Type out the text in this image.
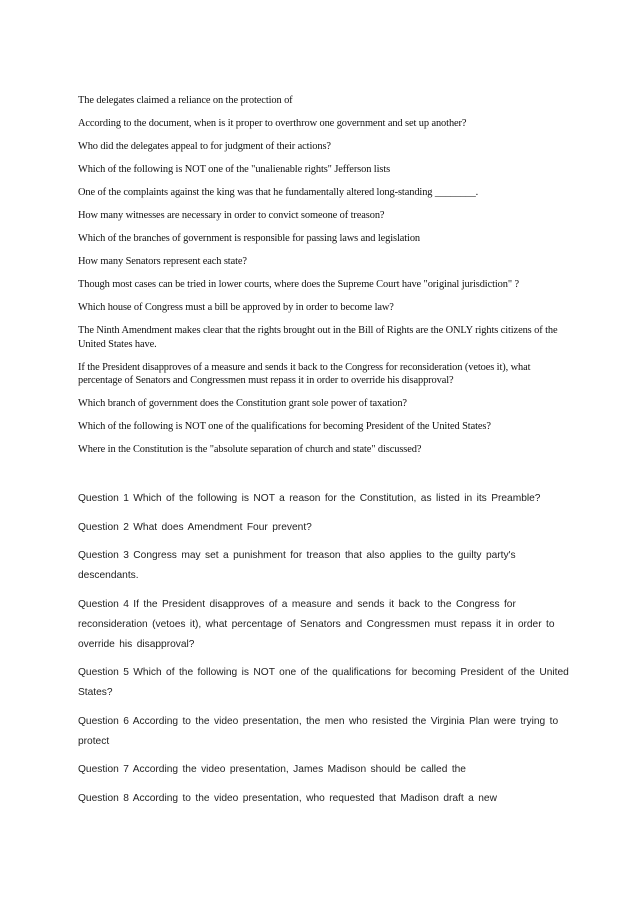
The delegates claimed a reliance on the protection of

According to the document, when is it proper to overthrow one government and set up another?

Who did the delegates appeal to for judgment of their actions?

Which of the following is NOT one of the "unalienable rights" Jefferson lists

One of the complaints against the king was that he fundamentally altered long-standing ________.

How many witnesses are necessary in order to convict someone of treason?

Which of the branches of government is responsible for passing laws and legislation

How many Senators represent each state?

Though most cases can be tried in lower courts, where does the Supreme Court have "original jurisdiction" ?

Which house of Congress must a bill be approved by in order to become law?

The Ninth Amendment makes clear that the rights brought out in the Bill of Rights are the ONLY rights citizens of the United States have.

If the President disapproves of a measure and sends it back to the Congress for reconsideration (vetoes it), what percentage of Senators and Congressmen must repass it in order to override his disapproval?

Which branch of government does the Constitution grant sole power of taxation?

Which of the following is NOT one of the qualifications for becoming President of the United States?

Where in the Constitution is the "absolute separation of church and state" discussed?

Question 1 Which of the following is NOT a reason for the Constitution, as listed in its Preamble?

Question 2 What does Amendment Four prevent?

Question 3 Congress may set a punishment for treason that also applies to the guilty party's descendants.

Question 4 If the President disapproves of a measure and sends it back to the Congress for reconsideration (vetoes it), what percentage of Senators and Congressmen must repass it in order to override his disapproval?

Question 5 Which of the following is NOT one of the qualifications for becoming President of the United States?

Question 6 According to the video presentation, the men who resisted the Virginia Plan were trying to protect

Question 7 According the video presentation, James Madison should be called the

Question 8 According to the video presentation, who requested that Madison draft a new
